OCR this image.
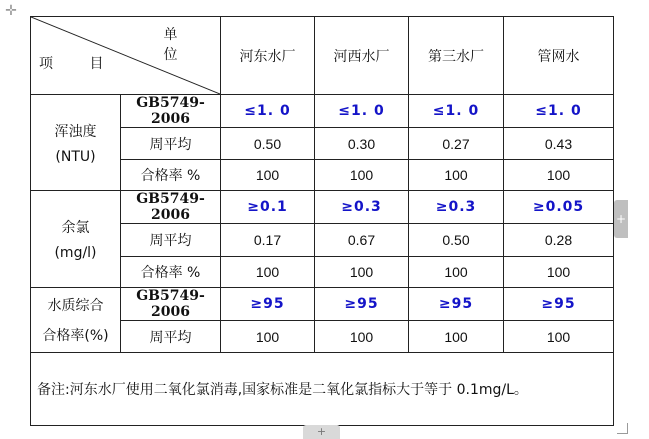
✛
单 位
项 目		河东水厂	河西水厂	第三水厂	管网水

浑浊度
(NTU)	GB5749-2006	≤1. 0	≤1. 0	≤1. 0	≤1. 0
	周平均	0.50	0.30	0.27	0.43
	合格率 %	100	100	100	100

余氯
(mg/l)	GB5749-2006	≥0.1	≥0.3	≥0.3	≥0.05
	周平均	0.17	0.67	0.50	0.28
	合格率 %	100	100	100	100

水质综合
合格率(%)	GB5749-2006	≥95	≥95	≥95	≥95
	周平均	100	100	100	100
备注:河东水厂使用二氧化氯消毒,国家标准是二氧化氯指标大于等于 0.1mg/L。					
+
+
